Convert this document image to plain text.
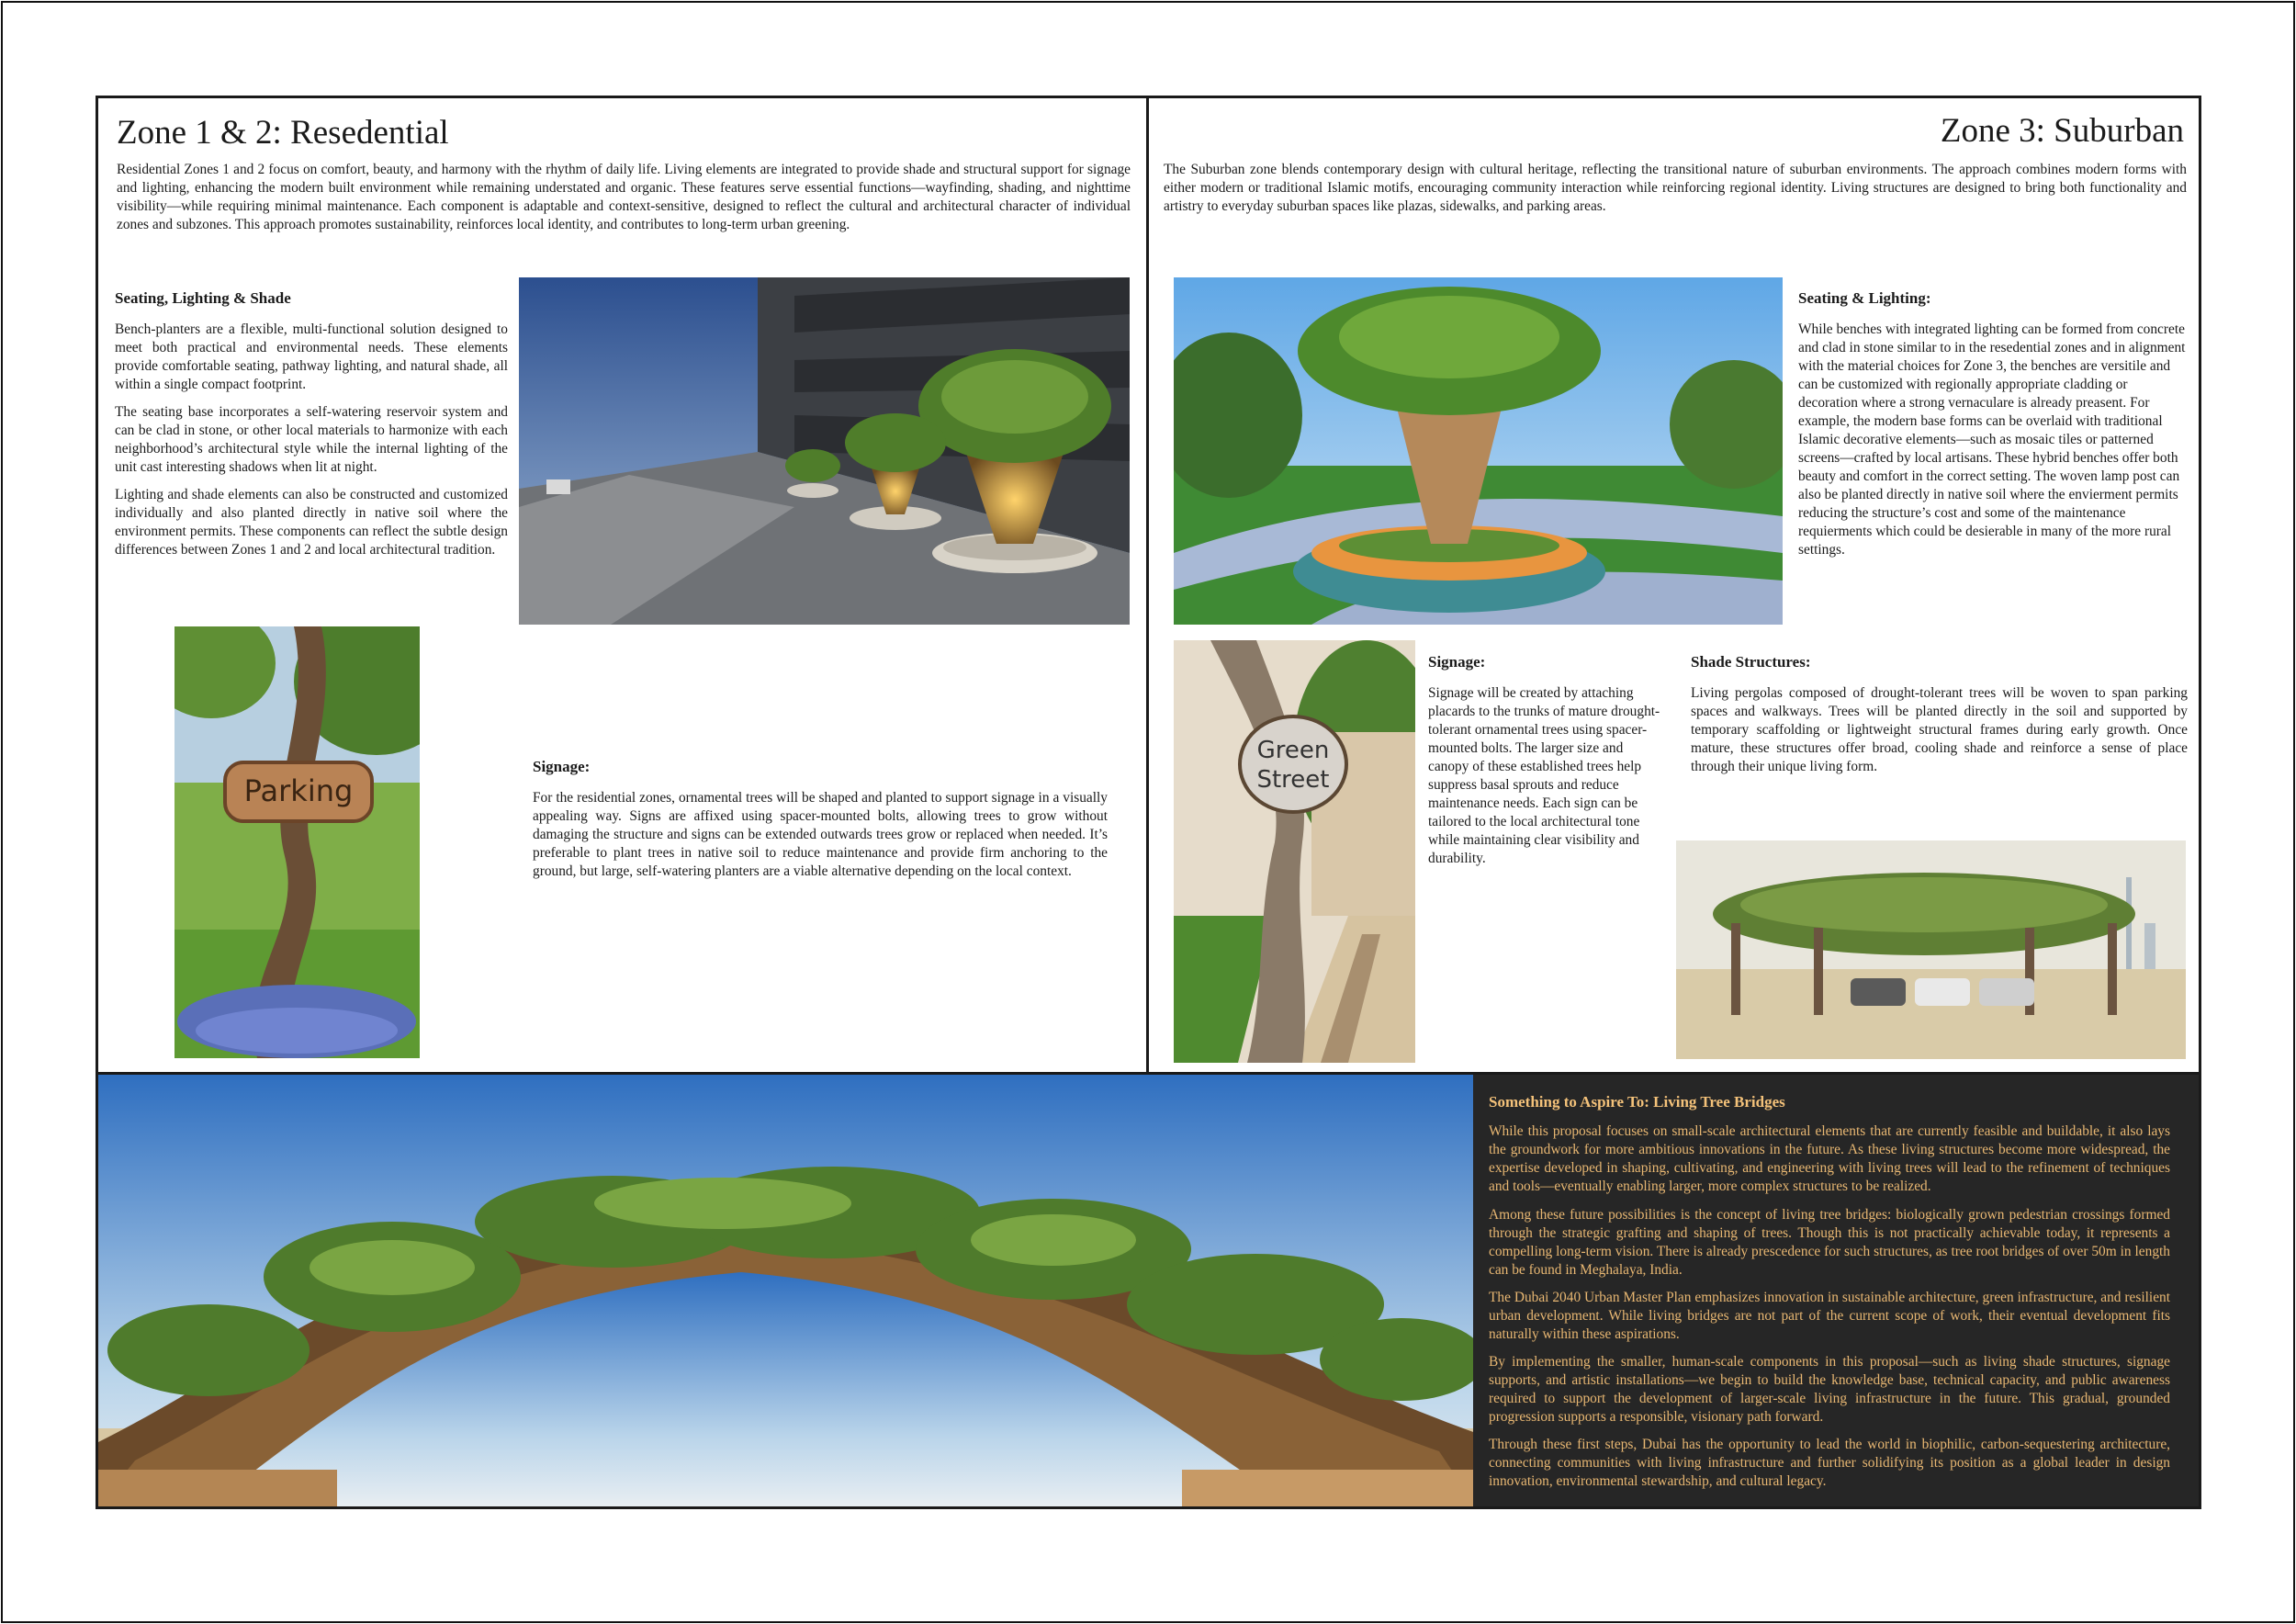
Zone 1 & 2: Resedential

Residential Zones 1 and 2 focus on comfort, beauty, and harmony with the rhythm of daily life. Living elements are integrated to provide shade and structural support for signage and lighting, enhancing the modern built environment while remaining understated and organic. These features serve essential functions—wayfinding, shading, and nighttime visibility—while requiring minimal maintenance. Each component is adaptable and context-sensitive, designed to reflect the cultural and architectural character of individual zones and subzones. This approach promotes sustainability, reinforces local identity, and contributes to long-term urban greening.

Seating, Lighting & Shade

Bench-planters are a flexible, multi-functional solution designed to meet both practical and environmental needs. These elements provide comfortable seating, pathway lighting, and natural shade, all within a single compact footprint.

The seating base incorporates a self-watering reservoir system and can be clad in stone, or other local materials to harmonize with each neighborhood’s architectural style while the internal lighting of the unit cast interesting shadows when lit at night.

Lighting and shade elements can also be constructed and customized individually and also planted directly in native soil where the environment permits. These components can reflect the subtle design differences between Zones 1 and 2 and local architectural tradition.

Parking
Signage:

For the residential zones, ornamental trees will be shaped and planted to support signage in a visually appealing way. Signs are affixed using spacer-mounted bolts, allowing trees to grow without damaging the structure and signs can be extended outwards trees grow or replaced when needed. It’s preferable to plant trees in native soil to reduce maintenance and provide firm anchoring to the ground, but large, self-watering planters are a viable alternative depending on the local context.

Zone 3: Suburban

The Suburban zone blends contemporary design with cultural heritage, reflecting the transitional nature of suburban environments. The approach combines modern forms with either modern or traditional Islamic motifs, encouraging community interaction while reinforcing regional identity. Living structures are designed to bring both functionality and artistry to everyday suburban spaces like plazas, sidewalks, and parking areas.

Seating & Lighting:

While benches with integrated lighting can be formed from concrete and clad in stone similar to in the resedential zones and in alignment with the material choices for Zone 3, the benches are versitile and can be customized with regionally appropriate cladding or decoration where a strong vernaculare is already preasent. For example, the modern base forms can be overlaid with traditional Islamic decorative elements—such as mosaic tiles or patterned screens—crafted by local artisans. These hybrid benches offer both beauty and comfort in the correct setting. The woven lamp post can also be planted directly in native soil where the envierment permits reducing the structure’s cost and some of the maintenance requierments which could be desierable in many of the more rural settings.

Green
Street
Signage:

Signage will be created by attaching placards to the trunks of mature drought-tolerant ornamental trees using spacer-mounted bolts. The larger size and canopy of these established trees help suppress basal sprouts and reduce maintenance needs. Each sign can be tailored to the local architectural tone while maintaining clear visibility and durability.

Shade Structures:

Living pergolas composed of drought-tolerant trees will be woven to span parking spaces and walkways. Trees will be planted directly in the soil and supported by temporary scaffolding or lightweight structural frames during early growth. Once mature, these structures offer broad, cooling shade and reinforce a sense of place through their unique living form.

Something to Aspire To: Living Tree Bridges

While this proposal focuses on small-scale architectural elements that are currently feasible and buildable, it also lays the groundwork for more ambitious innovations in the future. As these living structures become more widespread, the expertise developed in shaping, cultivating, and engineering with living trees will lead to the refinement of techniques and tools—eventually enabling larger, more complex structures to be realized.

Among these future possibilities is the concept of living tree bridges: biologically grown pedestrian crossings formed through the strategic grafting and shaping of trees. Though this is not practically achievable today, it represents a compelling long-term vision. There is already prescedence for such structures, as tree root bridges of over 50m in length can be found in Meghalaya, India.

The Dubai 2040 Urban Master Plan emphasizes innovation in sustainable architecture, green infrastructure, and resilient urban development. While living bridges are not part of the current scope of work, their eventual development fits naturally within these aspirations.

By implementing the smaller, human-scale components in this proposal—such as living shade structures, signage supports, and artistic installations—we begin to build the knowledge base, technical capacity, and public awareness required to support the development of larger-scale living infrastructure in the future. This gradual, grounded progression supports a responsible, visionary path forward.

Through these first steps, Dubai has the opportunity to lead the world in biophilic, carbon-sequestering architecture, connecting communities with living infrastructure and further solidifying its position as a global leader in design innovation, environmental stewardship, and cultural legacy.
